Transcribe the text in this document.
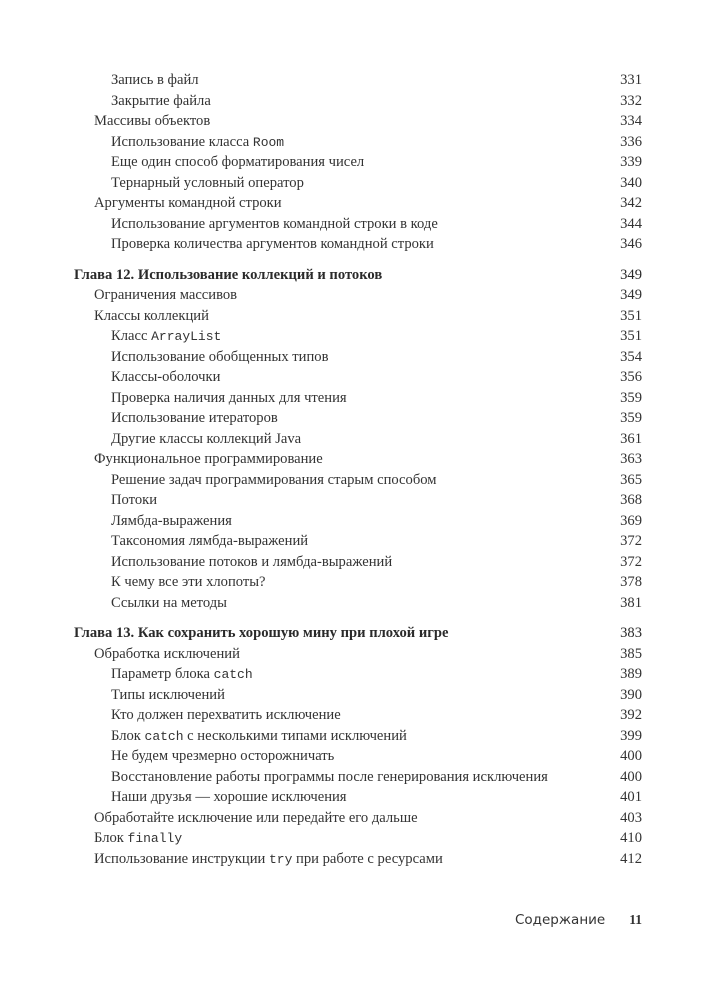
Запись в файл	331
Закрытие файла	332
Массивы объектов	334
Использование класса Room	336
Еще один способ форматирования чисел	339
Тернарный условный оператор	340
Аргументы командной строки	342
Использование аргументов командной строки в коде	344
Проверка количества аргументов командной строки	346
Глава 12. Использование коллекций и потоков	349
Ограничения массивов	349
Классы коллекций	351
Класс ArrayList	351
Использование обобщенных типов	354
Классы-оболочки	356
Проверка наличия данных для чтения	359
Использование итераторов	359
Другие классы коллекций Java	361
Функциональное программирование	363
Решение задач программирования старым способом	365
Потоки	368
Лямбда-выражения	369
Таксономия лямбда-выражений	372
Использование потоков и лямбда-выражений	372
К чему все эти хлопоты?	378
Ссылки на методы	381
Глава 13. Как сохранить хорошую мину при плохой игре	383
Обработка исключений	385
Параметр блока catch	389
Типы исключений	390
Кто должен перехватить исключение	392
Блок catch с несколькими типами исключений	399
Не будем чрезмерно осторожничать	400
Восстановление работы программы после генерирования исключения	400
Наши друзья — хорошие исключения	401
Обработайте исключение или передайте его дальше	403
Блок finally	410
Использование инструкции try при работе с ресурсами	412
Содержание 11
